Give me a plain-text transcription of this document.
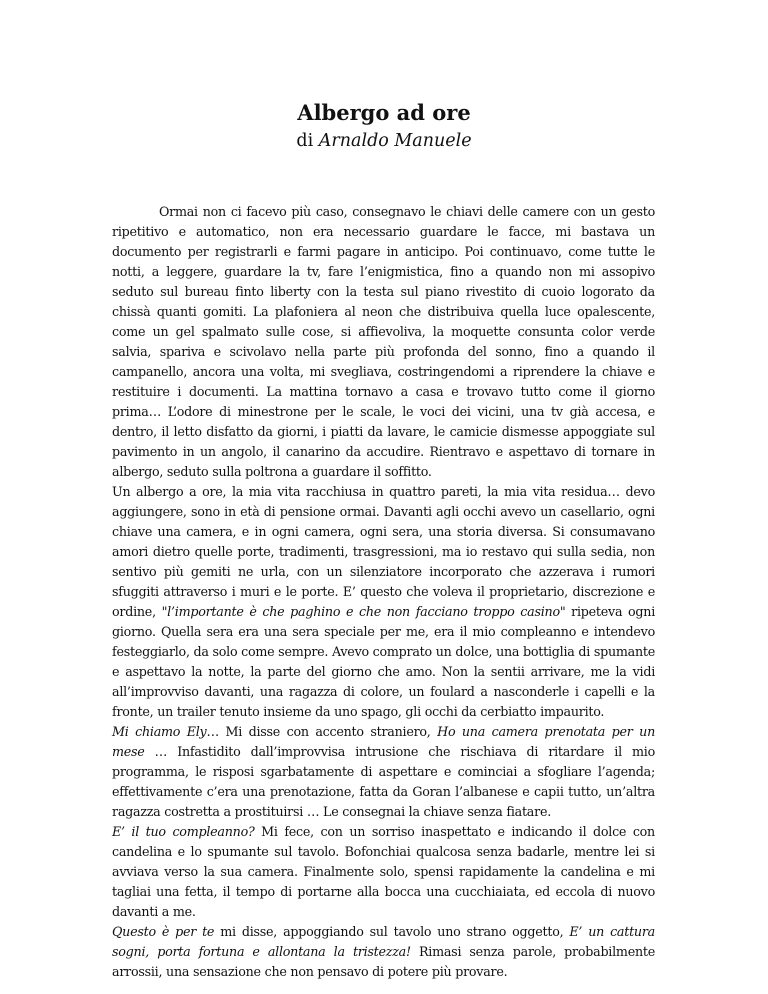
Albergo ad ore
di Arnaldo Manuele

Ormai non ci facevo più caso, consegnavo le chiavi delle camere con un gesto ripetitivo e automatico, non era necessario guardare le facce, mi bastava un documento per registrarli e farmi pagare in anticipo. Poi continuavo, come tutte le notti, a leggere, guardare la tv, fare l’enigmistica, fino a quando non mi assopivo seduto sul bureau finto liberty con la testa sul piano rivestito di cuoio logorato da chissà quanti gomiti. La plafoniera al neon che distribuiva quella luce opalescente, come un gel spalmato sulle cose, si affievoliva, la moquette consunta color verde salvia, spariva e scivolavo nella parte più profonda del sonno, fino a quando il campanello, ancora una volta, mi svegliava, costringendomi a riprendere la chiave e restituire i documenti. La mattina tornavo a casa e trovavo tutto come il giorno prima… L’odore di minestrone per le scale, le voci dei vicini, una tv già accesa, e dentro, il letto disfatto da giorni, i piatti da lavare, le camicie dismesse appoggiate sul pavimento in un angolo, il canarino da accudire. Rientravo e aspettavo di tornare in albergo, seduto sulla poltrona a guardare il soffitto.

Un albergo a ore, la mia vita racchiusa in quattro pareti, la mia vita residua… devo aggiungere, sono in età di pensione ormai. Davanti agli occhi avevo un casellario, ogni chiave una camera, e in ogni camera, ogni sera, una storia diversa. Si consumavano amori dietro quelle porte, tradimenti, trasgressioni, ma io restavo qui sulla sedia, non sentivo più gemiti ne urla, con un silenziatore incorporato che azzerava i rumori sfuggiti attraverso i muri e le porte. E’ questo che voleva il proprietario, discrezione e ordine, "l’importante è che paghino e che non facciano troppo casino" ripeteva ogni giorno. Quella sera era una sera speciale per me, era il mio compleanno e intendevo festeggiarlo, da solo come sempre. Avevo comprato un dolce, una bottiglia di spumante e aspettavo la notte, la parte del giorno che amo. Non la sentii arrivare, me la vidi all’improvviso davanti, una ragazza di colore, un foulard a nasconderle i capelli e la fronte, un trailer tenuto insieme da uno spago, gli occhi da cerbiatto impaurito.

Mi chiamo Ely… Mi disse con accento straniero, Ho una camera prenotata per un mese … Infastidito dall’improvvisa intrusione che rischiava di ritardare il mio programma, le risposi sgarbatamente di aspettare e cominciai a sfogliare l’agenda; effettivamente c’era una prenotazione, fatta da Goran l’albanese e capii tutto, un’altra ragazza costretta a prostituirsi … Le consegnai la chiave senza fiatare.

E’ il tuo compleanno? Mi fece, con un sorriso inaspettato e indicando il dolce con candelina e lo spumante sul tavolo. Bofonchiai qualcosa senza badarle, mentre lei si avviava verso la sua camera. Finalmente solo, spensi rapidamente la candelina e mi tagliai una fetta, il tempo di portarne alla bocca una cucchiaiata, ed eccola di nuovo davanti a me.

Questo è per te mi disse, appoggiando sul tavolo uno strano oggetto, E’ un cattura sogni, porta fortuna e allontana la tristezza! Rimasi senza parole, probabilmente arrossii, una sensazione che non pensavo di potere più provare.
